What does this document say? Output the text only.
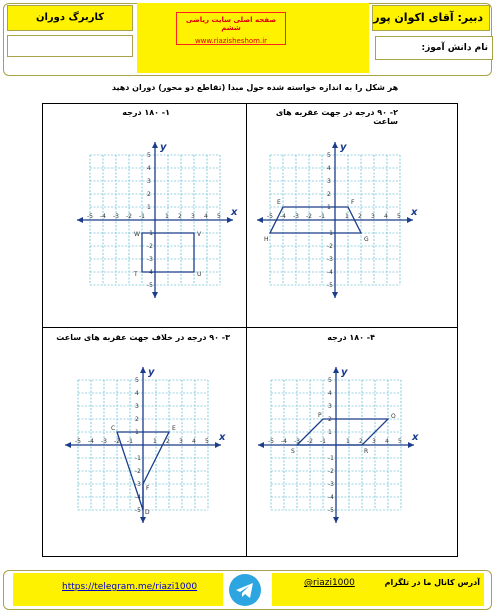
دبیر: آقای اکوان پور
نام دانش آموز:
کاربرگ دوران	صفحه اصلی سایت ریاضی ششم
www.riazisheshom.ir
هر شکل را به اندازه خواسته شده حول مبدا (تقاطع دو محور) دوران دهید
۱- ۱۸۰ درجه	۲- ۹۰ درجه در جهت عقربه های ساعت
۳- ۹۰ درجه در خلاف جهت عقربه های ساعت	۴- ۱۸۰ درجه
x
y
-5 -4 -3 -2 -1	1 2 3 4 5
5
4
3
2
1
-1
-2
-3
-4
-5
W	V
T	U
x
y
-5 -4 -3 -2 -1	1 2 3 4 5
5
4
3
2
1
-1
-2
-3
-4
-5
E	F
G
H
x
y
-5 -4 -3 -2 -1	1 2 3 4 5
5
4
3
2
1
-1
-2
-3
-4
-5
C	E
F
D
x
y
-5 -4 -3 -2 -1	1 2 3 4 5
5
4
3
2
1
-1
-2
-3
-4
-5
P	O
R
S
https://telegram.me/riazi1000	@riazi1000	آدرس کانال ما در تلگرام
